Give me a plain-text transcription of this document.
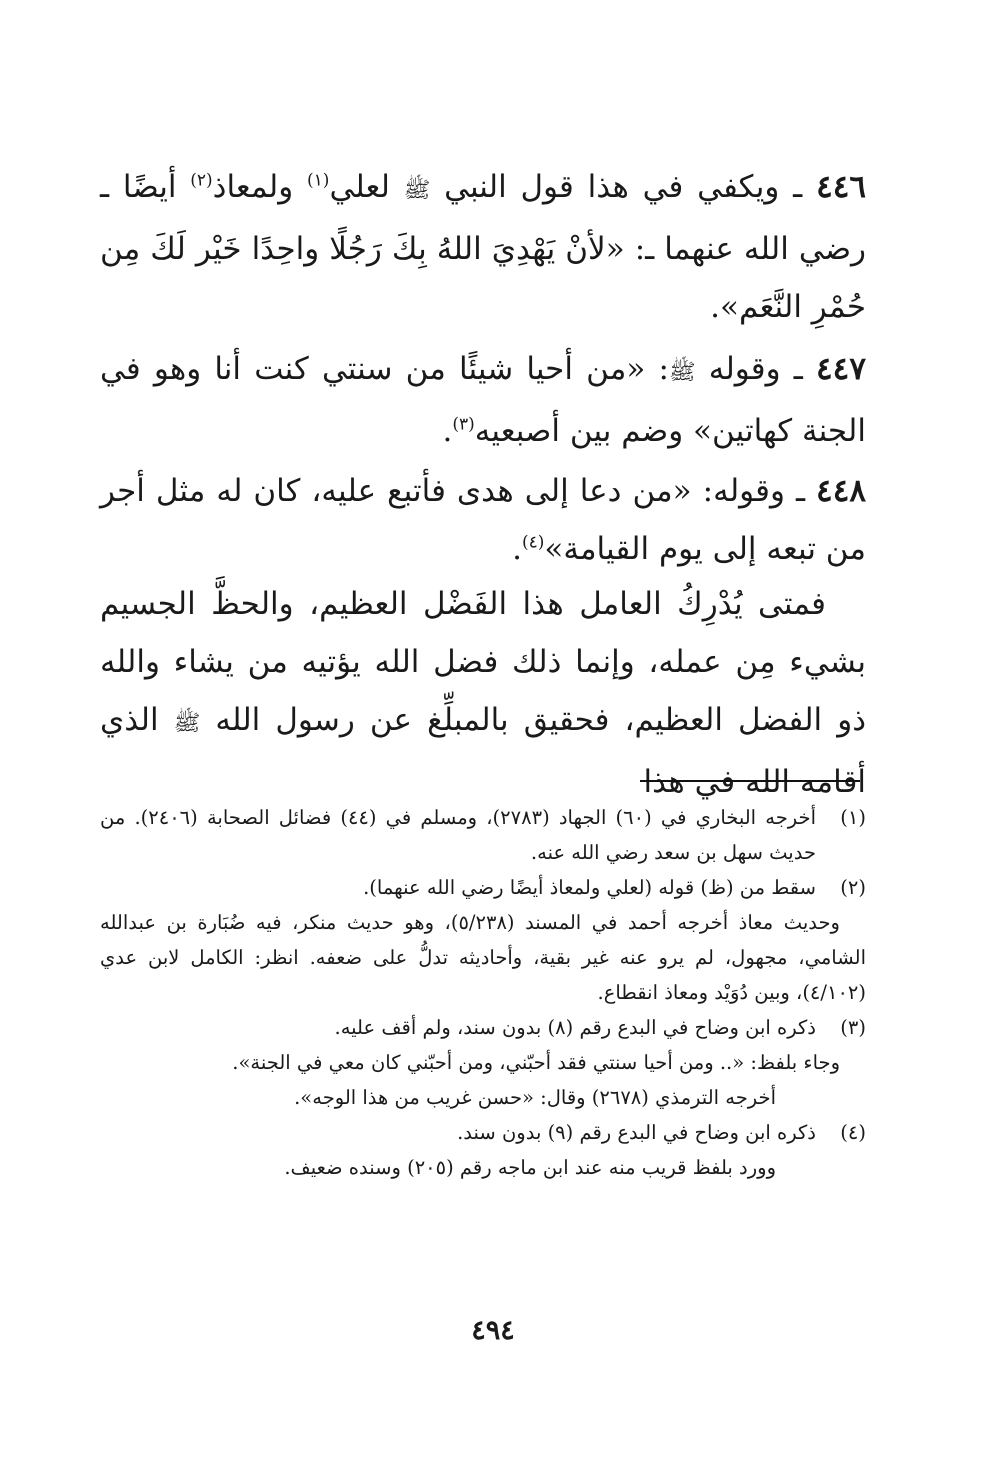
٤٤٦ ـ ويكفي في هذا قول النبي ﷺ لعلي$^{(١)}$ ولمعاذ$^{(٢)}$ أيضًا ـ رضي الله عنهما ـ: «لأنْ يَهْدِيَ اللهُ بِكَ رَجُلًا واحِدًا خَيْر لَكَ مِن حُمْرِ النَّعَم».
٤٤٧ ـ وقوله ﷺ: «من أحيا شيئًا من سنتي كنت أنا وهو في الجنة كهاتين» وضم بين أصبعيه$^{(٣)}$.
٤٤٨ ـ وقوله: «من دعا إلى هدى فأتبع عليه، كان له مثل أجر من تبعه إلى يوم القيامة»$^{(٤)}$.
فمتى يُدْرِكُ العامل هذا الفَضْل العظيم، والحظَّ الجسيم بشيء مِن عمله، وإنما ذلك فضل الله يؤتيه من يشاء والله ذو الفضل العظيم، فحقيق بالمبلِّغ عن رسول الله ﷺ الذي أقامه الله في هذا
(١)
أخرجه البخاري في (٦٠) الجهاد (٢٧٨٣)، ومسلم في (٤٤) فضائل الصحابة (٢٤٠٦). من حديث سهل بن سعد رضي الله عنه.
(٢)
سقط من (ظ) قوله (لعلي ولمعاذ أيضًا رضي الله عنهما).
وحديث معاذ أخرجه أحمد في المسند (٥/٢٣٨)، وهو حديث منكر، فيه ضُبَارة بن عبدالله الشامي، مجهول، لم يرو عنه غير بقية، وأحاديثه تدلُّ على ضعفه. انظر: الكامل لابن عدي (٤/١٠٢)، وبين دُوَيْد ومعاذ انقطاع.
(٣)
ذكره ابن وضاح في البدع رقم (٨) بدون سند، ولم أقف عليه.
وجاء بلفظ: «.. ومن أحيا سنتي فقد أحبّني، ومن أحبّني كان معي في الجنة».
أخرجه الترمذي (٢٦٧٨) وقال: «حسن غريب من هذا الوجه».
(٤)
ذكره ابن وضاح في البدع رقم (٩) بدون سند.
وورد بلفظ قريب منه عند ابن ماجه رقم (٢٠٥) وسنده ضعيف.
٤٩٤
